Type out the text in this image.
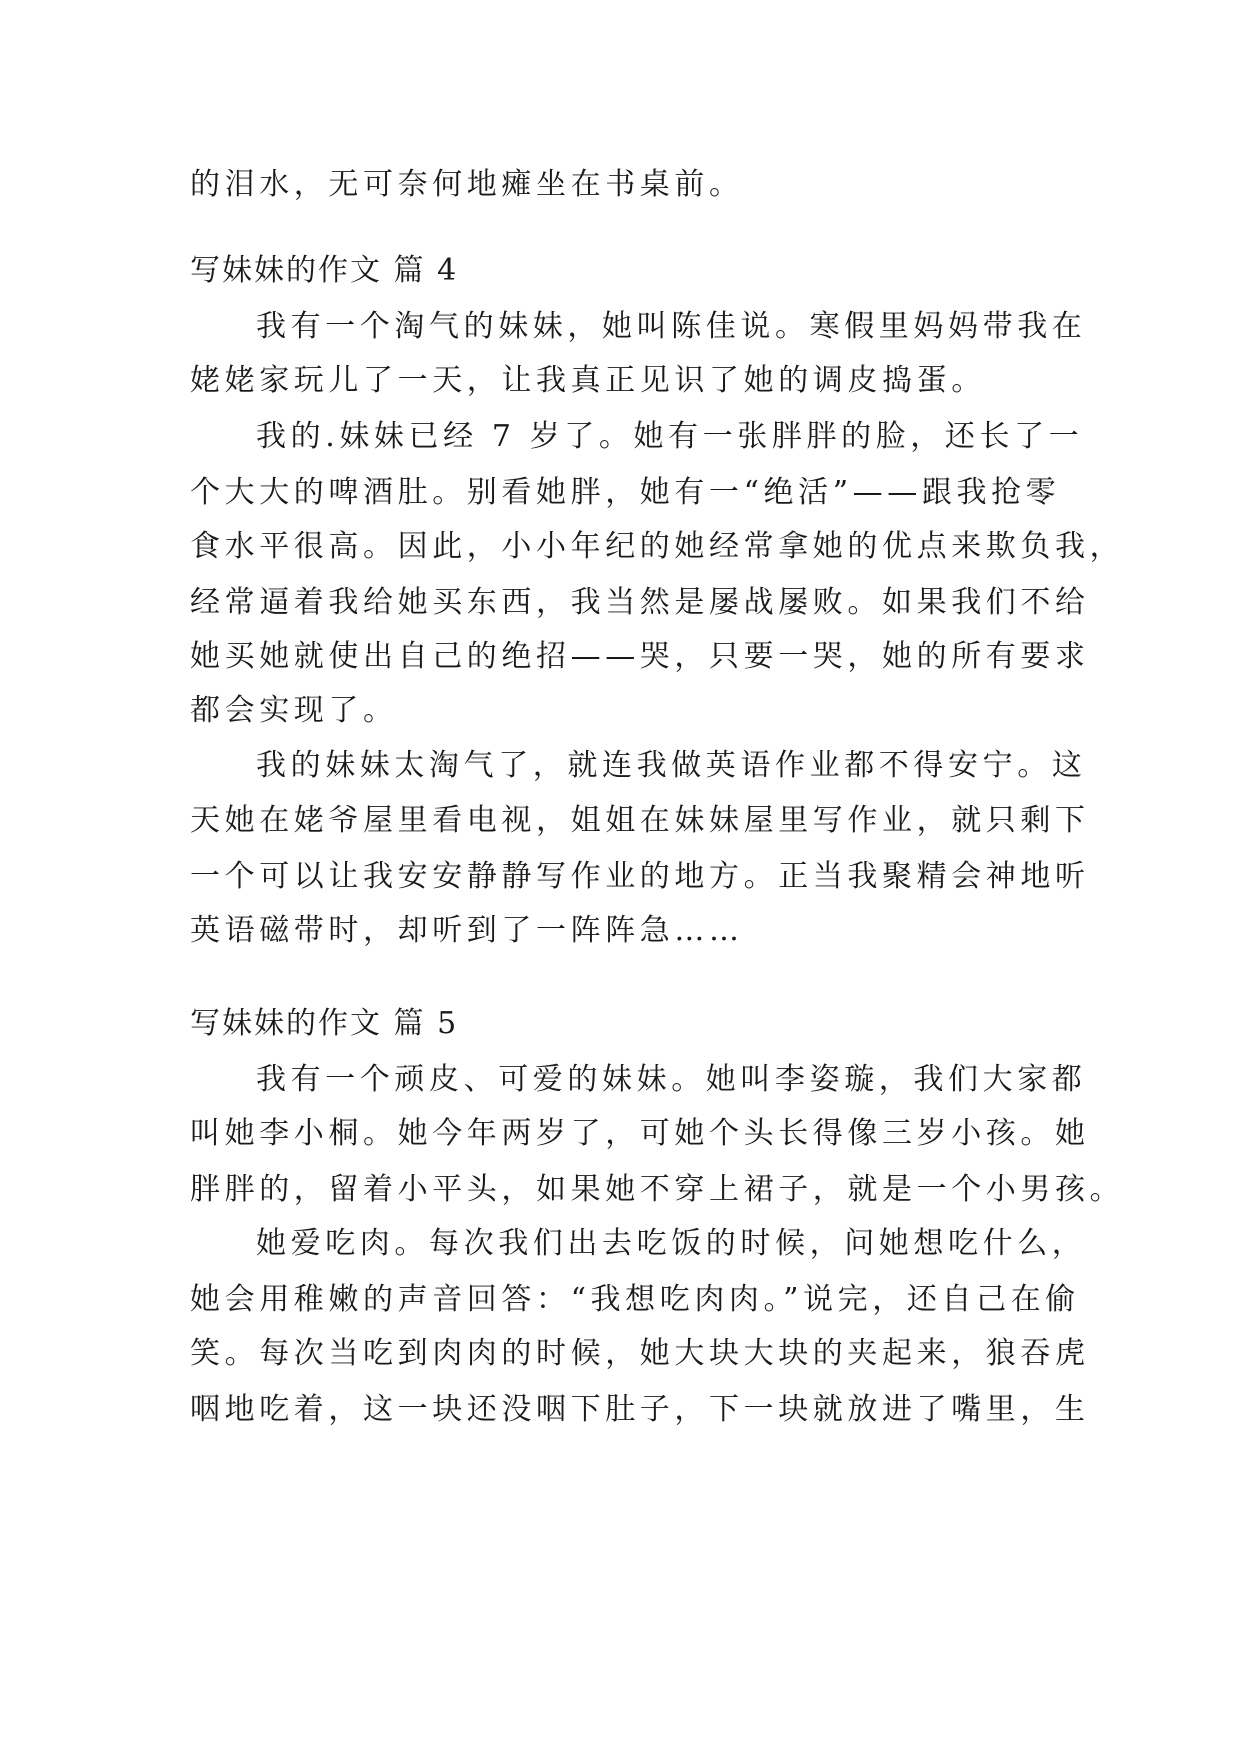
的泪水，无可奈何地瘫坐在书桌前。
写妹妹的作文 篇 4
我有一个淘气的妹妹，她叫陈佳说。寒假里妈妈带我在
姥姥家玩儿了一天，让我真正见识了她的调皮捣蛋。
我的.妹妹已经 7 岁了。她有一张胖胖的脸，还长了一
个大大的啤酒肚。别看她胖，她有一“绝活”——跟我抢零
食水平很高。因此，小小年纪的她经常拿她的优点来欺负我，
经常逼着我给她买东西，我当然是屡战屡败。如果我们不给
她买她就使出自己的绝招——哭，只要一哭，她的所有要求
都会实现了。
我的妹妹太淘气了，就连我做英语作业都不得安宁。这
天她在姥爷屋里看电视，姐姐在妹妹屋里写作业，就只剩下
一个可以让我安安静静写作业的地方。正当我聚精会神地听
英语磁带时，却听到了一阵阵急……
写妹妹的作文 篇 5
我有一个顽皮、可爱的妹妹。她叫李姿璇，我们大家都
叫她李小桐。她今年两岁了，可她个头长得像三岁小孩。她
胖胖的，留着小平头，如果她不穿上裙子，就是一个小男孩。
她爱吃肉。每次我们出去吃饭的时候，问她想吃什么，
她会用稚嫩的声音回答：“我想吃肉肉。”说完，还自己在偷
笑。每次当吃到肉肉的时候，她大块大块的夹起来，狼吞虎
咽地吃着，这一块还没咽下肚子，下一块就放进了嘴里，生
